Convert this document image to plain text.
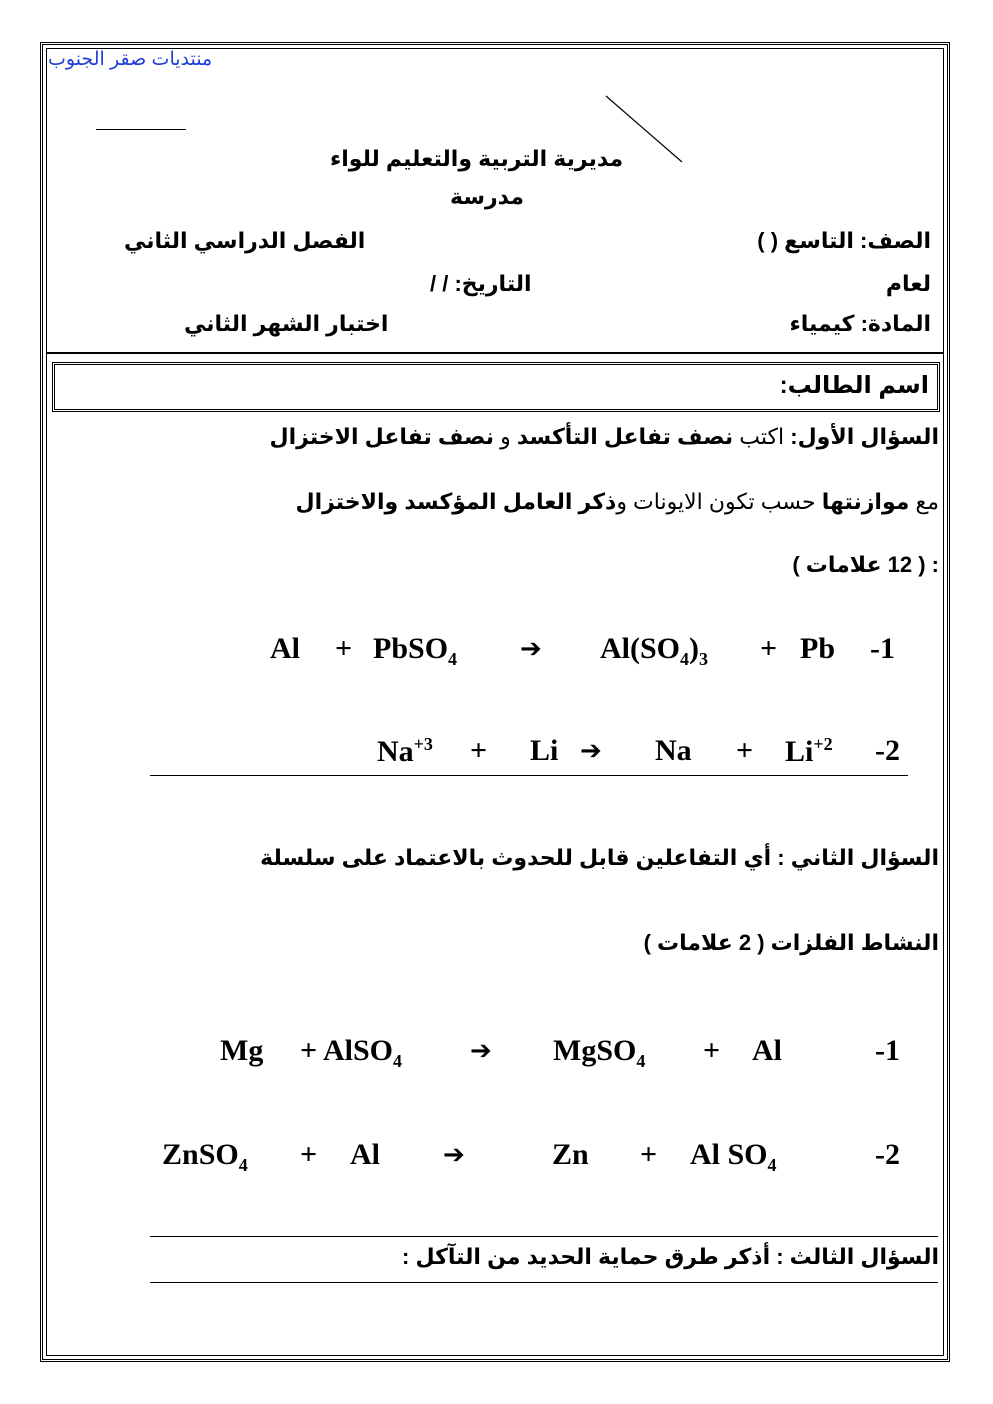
منتديات صقر الجنوب
مديرية التربية والتعليم للواء
مدرسة
الصف: التاسع ( )
الفصل الدراسي الثاني
لعام
التاريخ: / /
المادة: كيمياء
اختبار الشهر الثاني
اسم الطالب:
السؤال الأول: اكتب نصف تفاعل التأكسد و نصف تفاعل الاختزال
مع موازنتها حسب تكون الايونات وذكر العامل المؤكسد والاختزال
: ( 12 علامات )
Al + PbSO$_4$ ➔ $Al(SO_4)_3 + Pb$ -1
$Na^{+3} + Li$ ➔ $Na + Li^{+2}$ -2
السؤال الثاني : أي التفاعلين قابل للحدوث بالاعتماد على سلسلة
النشاط الفلزات ( 2 علامات )
Mg + AlSO$_4$	➔ MgSO$_4$ + Al	-1
ZnSO$_4$ + Al ➔	Zn + Al $SO_4$	-2
السؤال الثالث : أذكر طرق حماية الحديد من التآكل :
